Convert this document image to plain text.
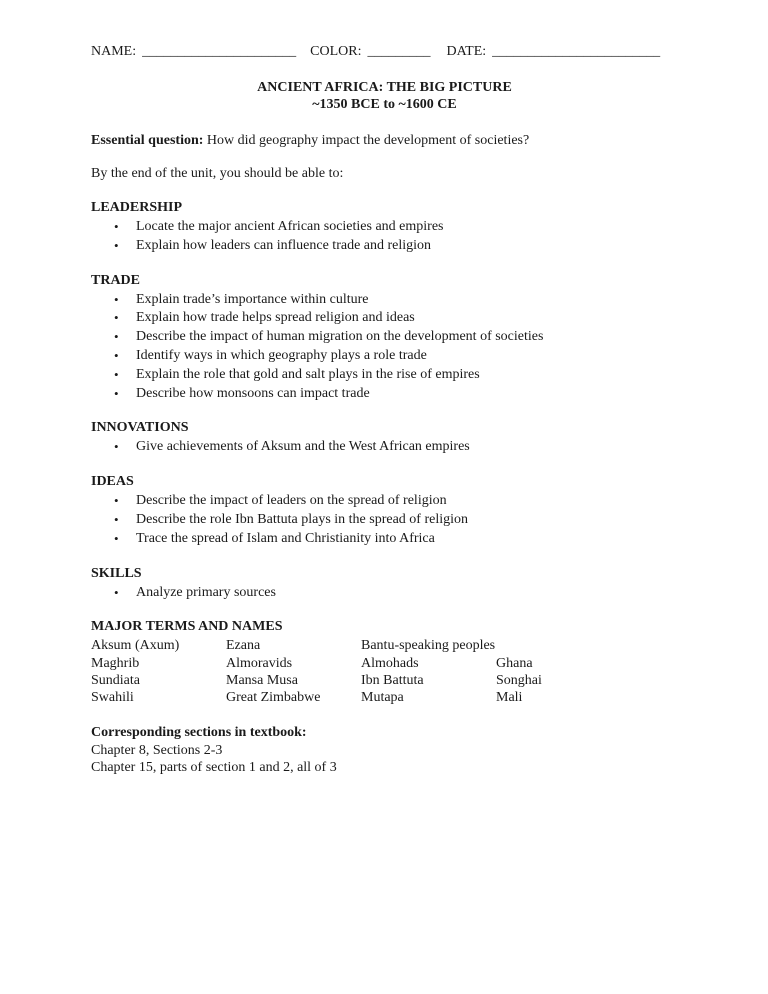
NAME: ______________________ COLOR: _________ DATE: ________________________
ANCIENT AFRICA: THE BIG PICTURE
~1350 BCE to ~1600 CE
Essential question: How did geography impact the development of societies?
By the end of the unit, you should be able to:
LEADERSHIP
• Locate the major ancient African societies and empires
• Explain how leaders can influence trade and religion
TRADE
• Explain trade’s importance within culture
• Explain how trade helps spread religion and ideas
• Describe the impact of human migration on the development of societies
• Identify ways in which geography plays a role trade
• Explain the role that gold and salt plays in the rise of empires
• Describe how monsoons can impact trade
INNOVATIONS
• Give achievements of Aksum and the West African empires
IDEAS
• Describe the impact of leaders on the spread of religion
• Describe the role Ibn Battuta plays in the spread of religion
• Trace the spread of Islam and Christianity into Africa
SKILLS
• Analyze primary sources
MAJOR TERMS AND NAMES
Aksum (Axum)	Ezana	Bantu-speaking peoples
Maghrib	Almoravids	Almohads	Ghana
Sundiata	Mansa Musa	Ibn Battuta	Songhai
Swahili	Great Zimbabwe	Mutapa	Mali
Corresponding sections in textbook:
Chapter 8, Sections 2-3
Chapter 15, parts of section 1 and 2, all of 3
